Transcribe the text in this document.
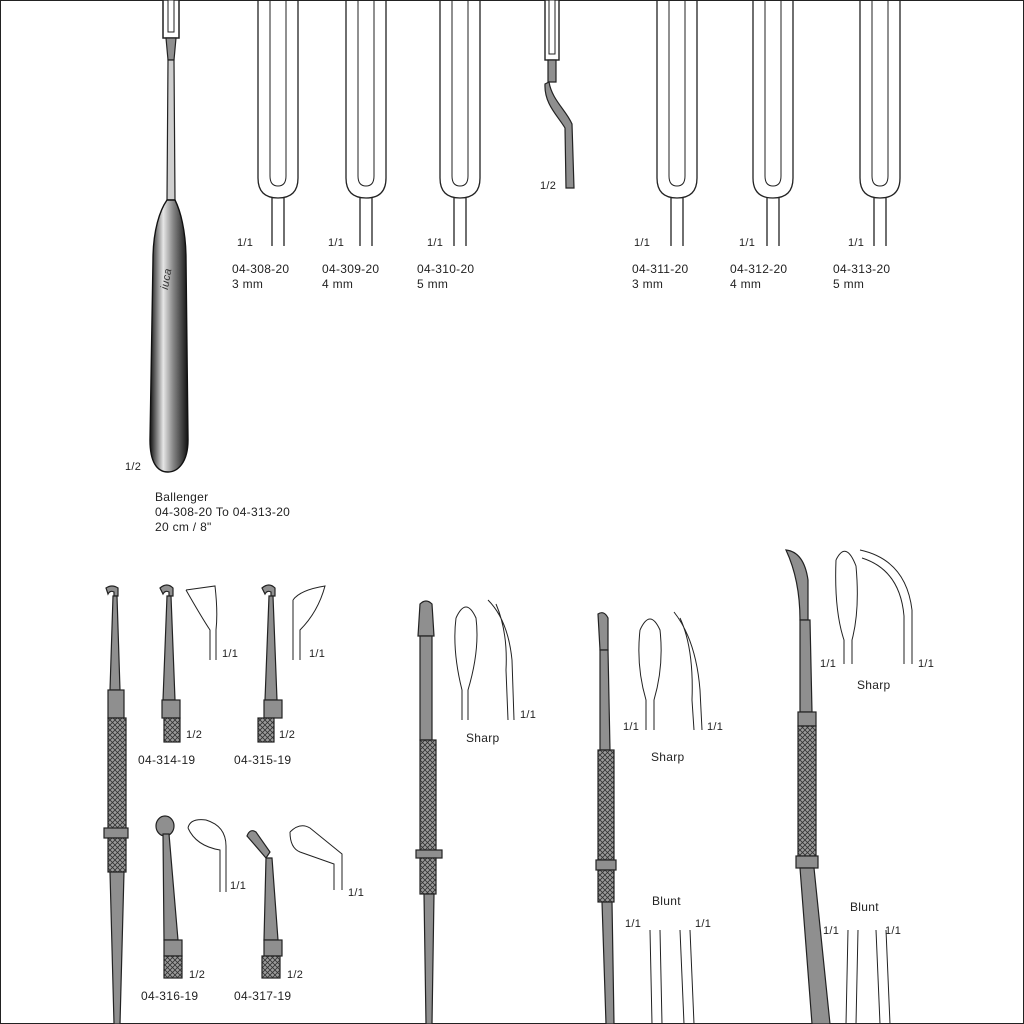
1/2
1/2
1/1	1/1	1/1	1/1	1/1	1/1
04-308-20
3 mm
04-309-20
4 mm
04-310-20
5 mm
04-311-20
3 mm
04-312-20
4 mm
04-313-20
5 mm
Ballenger
04-308-20 To 04-313-20
20 cm / 8"
iuca
1/1	1/1
1/2	1/2
04-314-19	04-315-19
1/1
1/1
1/2	1/2
04-316-19	04-317-19
1/1
Sharp
1/1	1/1
Sharp
Blunt
1/1	1/1
1/1	1/1
Sharp
Blunt
1/1	1/1
